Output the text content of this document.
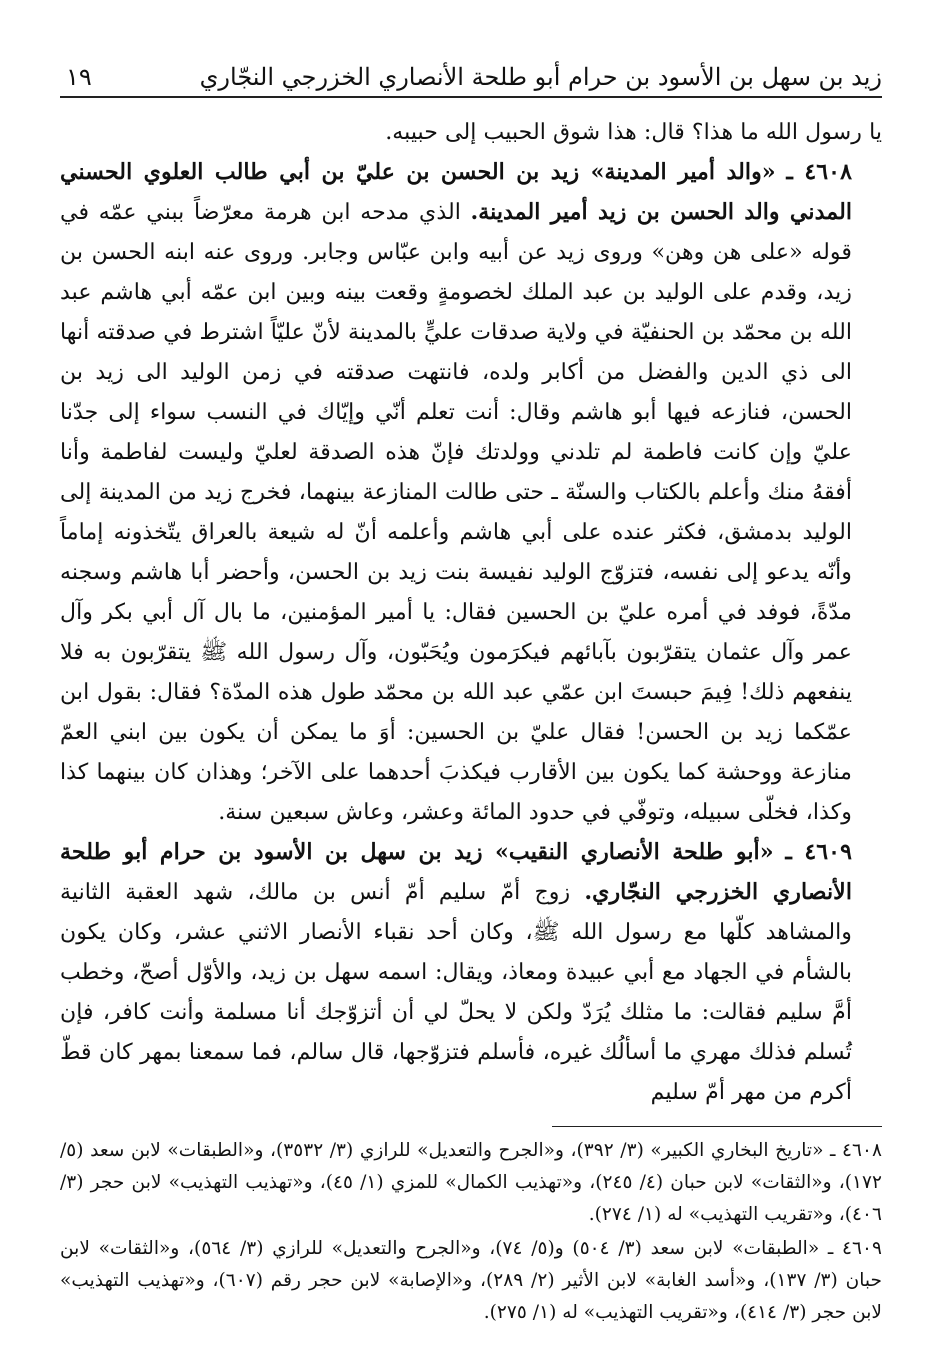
زيد بن سهل بن الأسود بن حرام أبو طلحة الأنصاري الخزرجي النجّاري
١٩

يا رسول الله ما هذا؟ قال: هذا شوق الحبيب إلى حبيبه.

٤٦٠٨ ـ «والد أمير المدينة» زيد بن الحسن بن عليّ بن أبي طالب العلوي الحسني المدني والد الحسن بن زيد أمير المدينة. الذي مدحه ابن هرمة معرّضاً ببني عمّه في قوله «على هن وهن» وروى زيد عن أبيه وابن عبّاس وجابر. وروى عنه ابنه الحسن بن زيد، وقدم على الوليد بن عبد الملك لخصومةٍ وقعت بينه وبين ابن عمّه أبي هاشم عبد الله بن محمّد بن الحنفيّة في ولاية صدقات عليٍّ بالمدينة لأنّ عليّاً اشترط في صدقته أنها الى ذي الدين والفضل من أكابر ولده، فانتهت صدقته في زمن الوليد الى زيد بن الحسن، فنازعه فيها أبو هاشم وقال: أنت تعلم أنّي وإيّاك في النسب سواء إلى جدّنا عليّ وإن كانت فاطمة لم تلدني وولدتك فإنّ هذه الصدقة لعليّ وليست لفاطمة وأنا أفقهُ منك وأعلم بالكتاب والسنّة ـ حتى طالت المنازعة بينهما، فخرج زيد من المدينة إلى الوليد بدمشق، فكثر عنده على أبي هاشم وأعلمه أنّ له شيعة بالعراق يتّخذونه إماماً وأنّه يدعو إلى نفسه، فتزوّج الوليد نفيسة بنت زيد بن الحسن، وأحضر أبا هاشم وسجنه مدّةً، فوفد في أمره عليّ بن الحسين فقال: يا أمير المؤمنين، ما بال آل أبي بكر وآل عمر وآل عثمان يتقرّبون بآبائهم فيكرَمون ويُحَبّون، وآل رسول الله ﷺ يتقرّبون به فلا ينفعهم ذلك! فِيمَ حبستَ ابن عمّي عبد الله بن محمّد طول هذه المدّة؟ فقال: بقول ابن عمّكما زيد بن الحسن! فقال عليّ بن الحسين: أوَ ما يمكن أن يكون بين ابني العمّ منازعة ووحشة كما يكون بين الأقارب فيكذبَ أحدهما على الآخر؛ وهذان كان بينهما كذا وكذا، فخلّى سبيله، وتوفّي في حدود المائة وعشر، وعاش سبعين سنة.

٤٦٠٩ ـ «أبو طلحة الأنصاري النقيب» زيد بن سهل بن الأسود بن حرام أبو طلحة الأنصاري الخزرجي النجّاري. زوج أمّ سليم أمّ أنس بن مالك، شهد العقبة الثانية والمشاهد كلّها مع رسول الله ﷺ، وكان أحد نقباء الأنصار الاثني عشر، وكان يكون بالشأم في الجهاد مع أبي عبيدة ومعاذ، ويقال: اسمه سهل بن زيد، والأوّل أصحّ، وخطب أمَّ سليم فقالت: ما مثلك يُرَدّ ولكن لا يحلّ لي أن أتزوّجك أنا مسلمة وأنت كافر، فإن تُسلم فذلك مهري ما أسألُك غيره، فأسلم فتزوّجها، قال سالم، فما سمعنا بمهر كان قطّ أكرم من مهر أمّ سليم

٤٦٠٨ ـ «تاريخ البخاري الكبير» (٣/ ٣٩٢)، و«الجرح والتعديل» للرازي (٣/ ٣٥٣٢)، و«الطبقات» لابن سعد (٥/ ١٧٢)، و«الثقات» لابن حبان (٤/ ٢٤٥)، و«تهذيب الكمال» للمزي (١/ ٤٥)، و«تهذيب التهذيب» لابن حجر (٣/ ٤٠٦)، و«تقريب التهذيب» له (١/ ٢٧٤).

٤٦٠٩ ـ «الطبقات» لابن سعد (٣/ ٥٠٤) و(٥/ ٧٤)، و«الجرح والتعديل» للرازي (٣/ ٥٦٤)، و«الثقات» لابن حبان (٣/ ١٣٧)، و«أسد الغابة» لابن الأثير (٢/ ٢٨٩)، و«الإصابة» لابن حجر رقم (٦٠٧)، و«تهذيب التهذيب» لابن حجر (٣/ ٤١٤)، و«تقريب التهذيب» له (١/ ٢٧٥).
